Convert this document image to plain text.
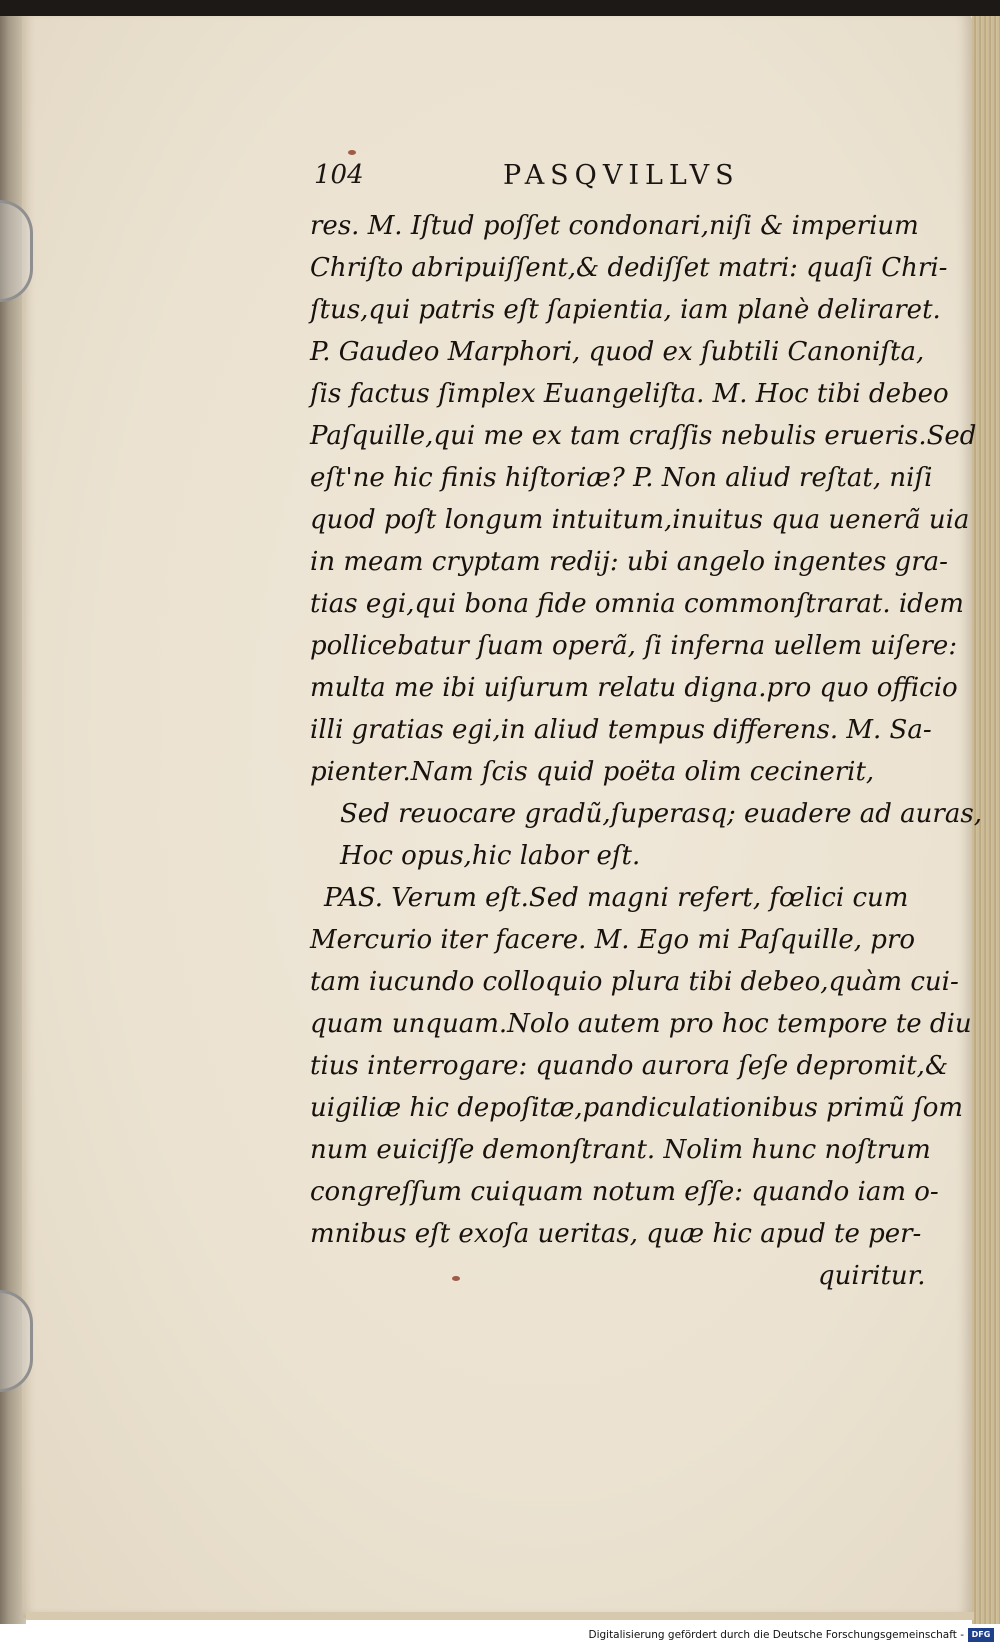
104	PASQVILLVS
res. M. Iſtud poſſet condonari,niſi & imperium
Chriſto abripuiſſent,& dediſſet matri: quaſi Chri-
ſtus,qui patris eſt ſapientia, iam planè deliraret.
P. Gaudeo Marphori, quod ex ſubtili Canoniſta,
ſis factus ſimplex Euangeliſta. M. Hoc tibi debeo
Paſquille,qui me ex tam craſſis nebulis erueris.Sed
eſt'ne hic finis hiſtoriæ? P. Non aliud reſtat, niſi
quod poſt longum intuitum,inuitus qua uenerã uia
in meam cryptam redij: ubi angelo ingentes gra-
tias egi,qui bona fide omnia commonſtrarat. idem
pollicebatur ſuam operã, ſi inferna uellem uiſere:
multa me ibi uiſurum relatu digna.pro quo officio
illi gratias egi,in aliud tempus differens. M. Sa-
pienter.Nam ſcis quid poëta olim cecinerit,
Sed reuocare gradũ,ſuperasq; euadere ad auras,
Hoc opus,hic labor eſt.
PAS. Verum eſt.Sed magni refert, fœlici cum
Mercurio iter facere. M. Ego mi Paſquille, pro
tam iucundo colloquio plura tibi debeo,quàm cui-
quam unquam.Nolo autem pro hoc tempore te diu
tius interrogare: quando aurora ſeſe depromit,&
uigiliæ hic depoſitæ,pandiculationibus primũ ſom
num euiciſſe demonſtrant. Nolim hunc noſtrum
congreſſum cuiquam notum eſſe: quando iam o-
mnibus eſt exoſa ueritas, quæ hic apud te per-
quiritur.
Digitalisierung gefördert durch die Deutsche Forschungsgemeinschaft - DFG
